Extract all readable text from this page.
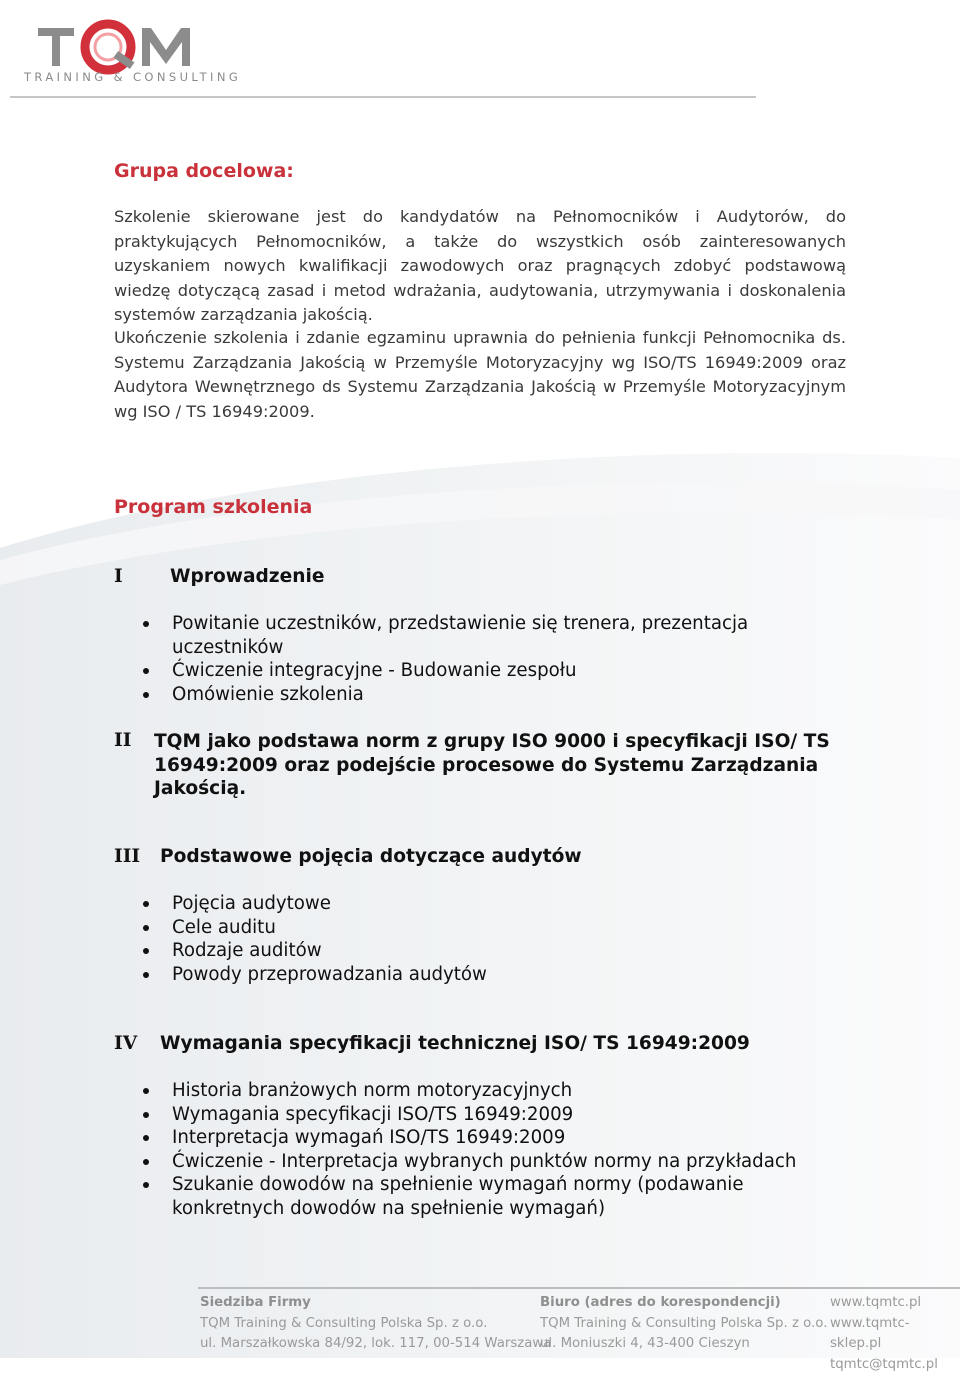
TRAINING & CONSULTING
Grupa docelowa:

Szkolenie skierowane jest do kandydatów na Pełnomocników i Audytorów, do praktykujących Pełnomocników, a także do wszystkich osób zainteresowanych uzyskaniem nowych kwalifikacji zawodowych oraz pragnących zdobyć podstawową wiedzę dotyczącą zasad i metod wdrażania, audytowania, utrzymywania i doskonalenia systemów zarządzania jakością.

Ukończenie szkolenia i zdanie egzaminu uprawnia do pełnienia funkcji Pełnomocnika ds. Systemu Zarządzania Jakością w Przemyśle Motoryzacyjny wg ISO/TS 16949:2009 oraz Audytora Wewnętrznego ds Systemu Zarządzania Jakością w Przemyśle Motoryzacyjnym wg ISO / TS 16949:2009.

Program szkolenia
I	Wprowadzenie
Powitanie uczestników, przedstawienie się trenera, prezentacja uczestników
Ćwiczenie integracyjne - Budowanie zespołu
Omówienie szkolenia
II TQM jako podstawa norm z grupy ISO 9000 i specyfikacji ISO/ TS 16949:2009 oraz podejście procesowe do Systemu Zarządzania Jakością.
III Podstawowe pojęcia dotyczące audytów
Pojęcia audytowe
Cele auditu
Rodzaje auditów
Powody przeprowadzania audytów
IV Wymagania specyfikacji technicznej ISO/ TS 16949:2009
Historia branżowych norm motoryzacyjnych
Wymagania specyfikacji ISO/TS 16949:2009
Interpretacja wymagań ISO/TS 16949:2009
Ćwiczenie - Interpretacja wybranych punktów normy na przykładach
Szukanie dowodów na spełnienie wymagań normy (podawanie konkretnych dowodów na spełnienie wymagań)
Siedziba Firmy
TQM Training & Consulting Polska Sp. z o.o.
ul. Marszałkowska 84/92, lok. 117, 00-514 Warszawa
Biuro (adres do korespondencji)
TQM Training & Consulting Polska Sp. z o.o.
ul. Moniuszki 4, 43-400 Cieszyn
www.tqmtc.pl
www.tqmtc-sklep.pl
tqmtc@tqmtc.pl
